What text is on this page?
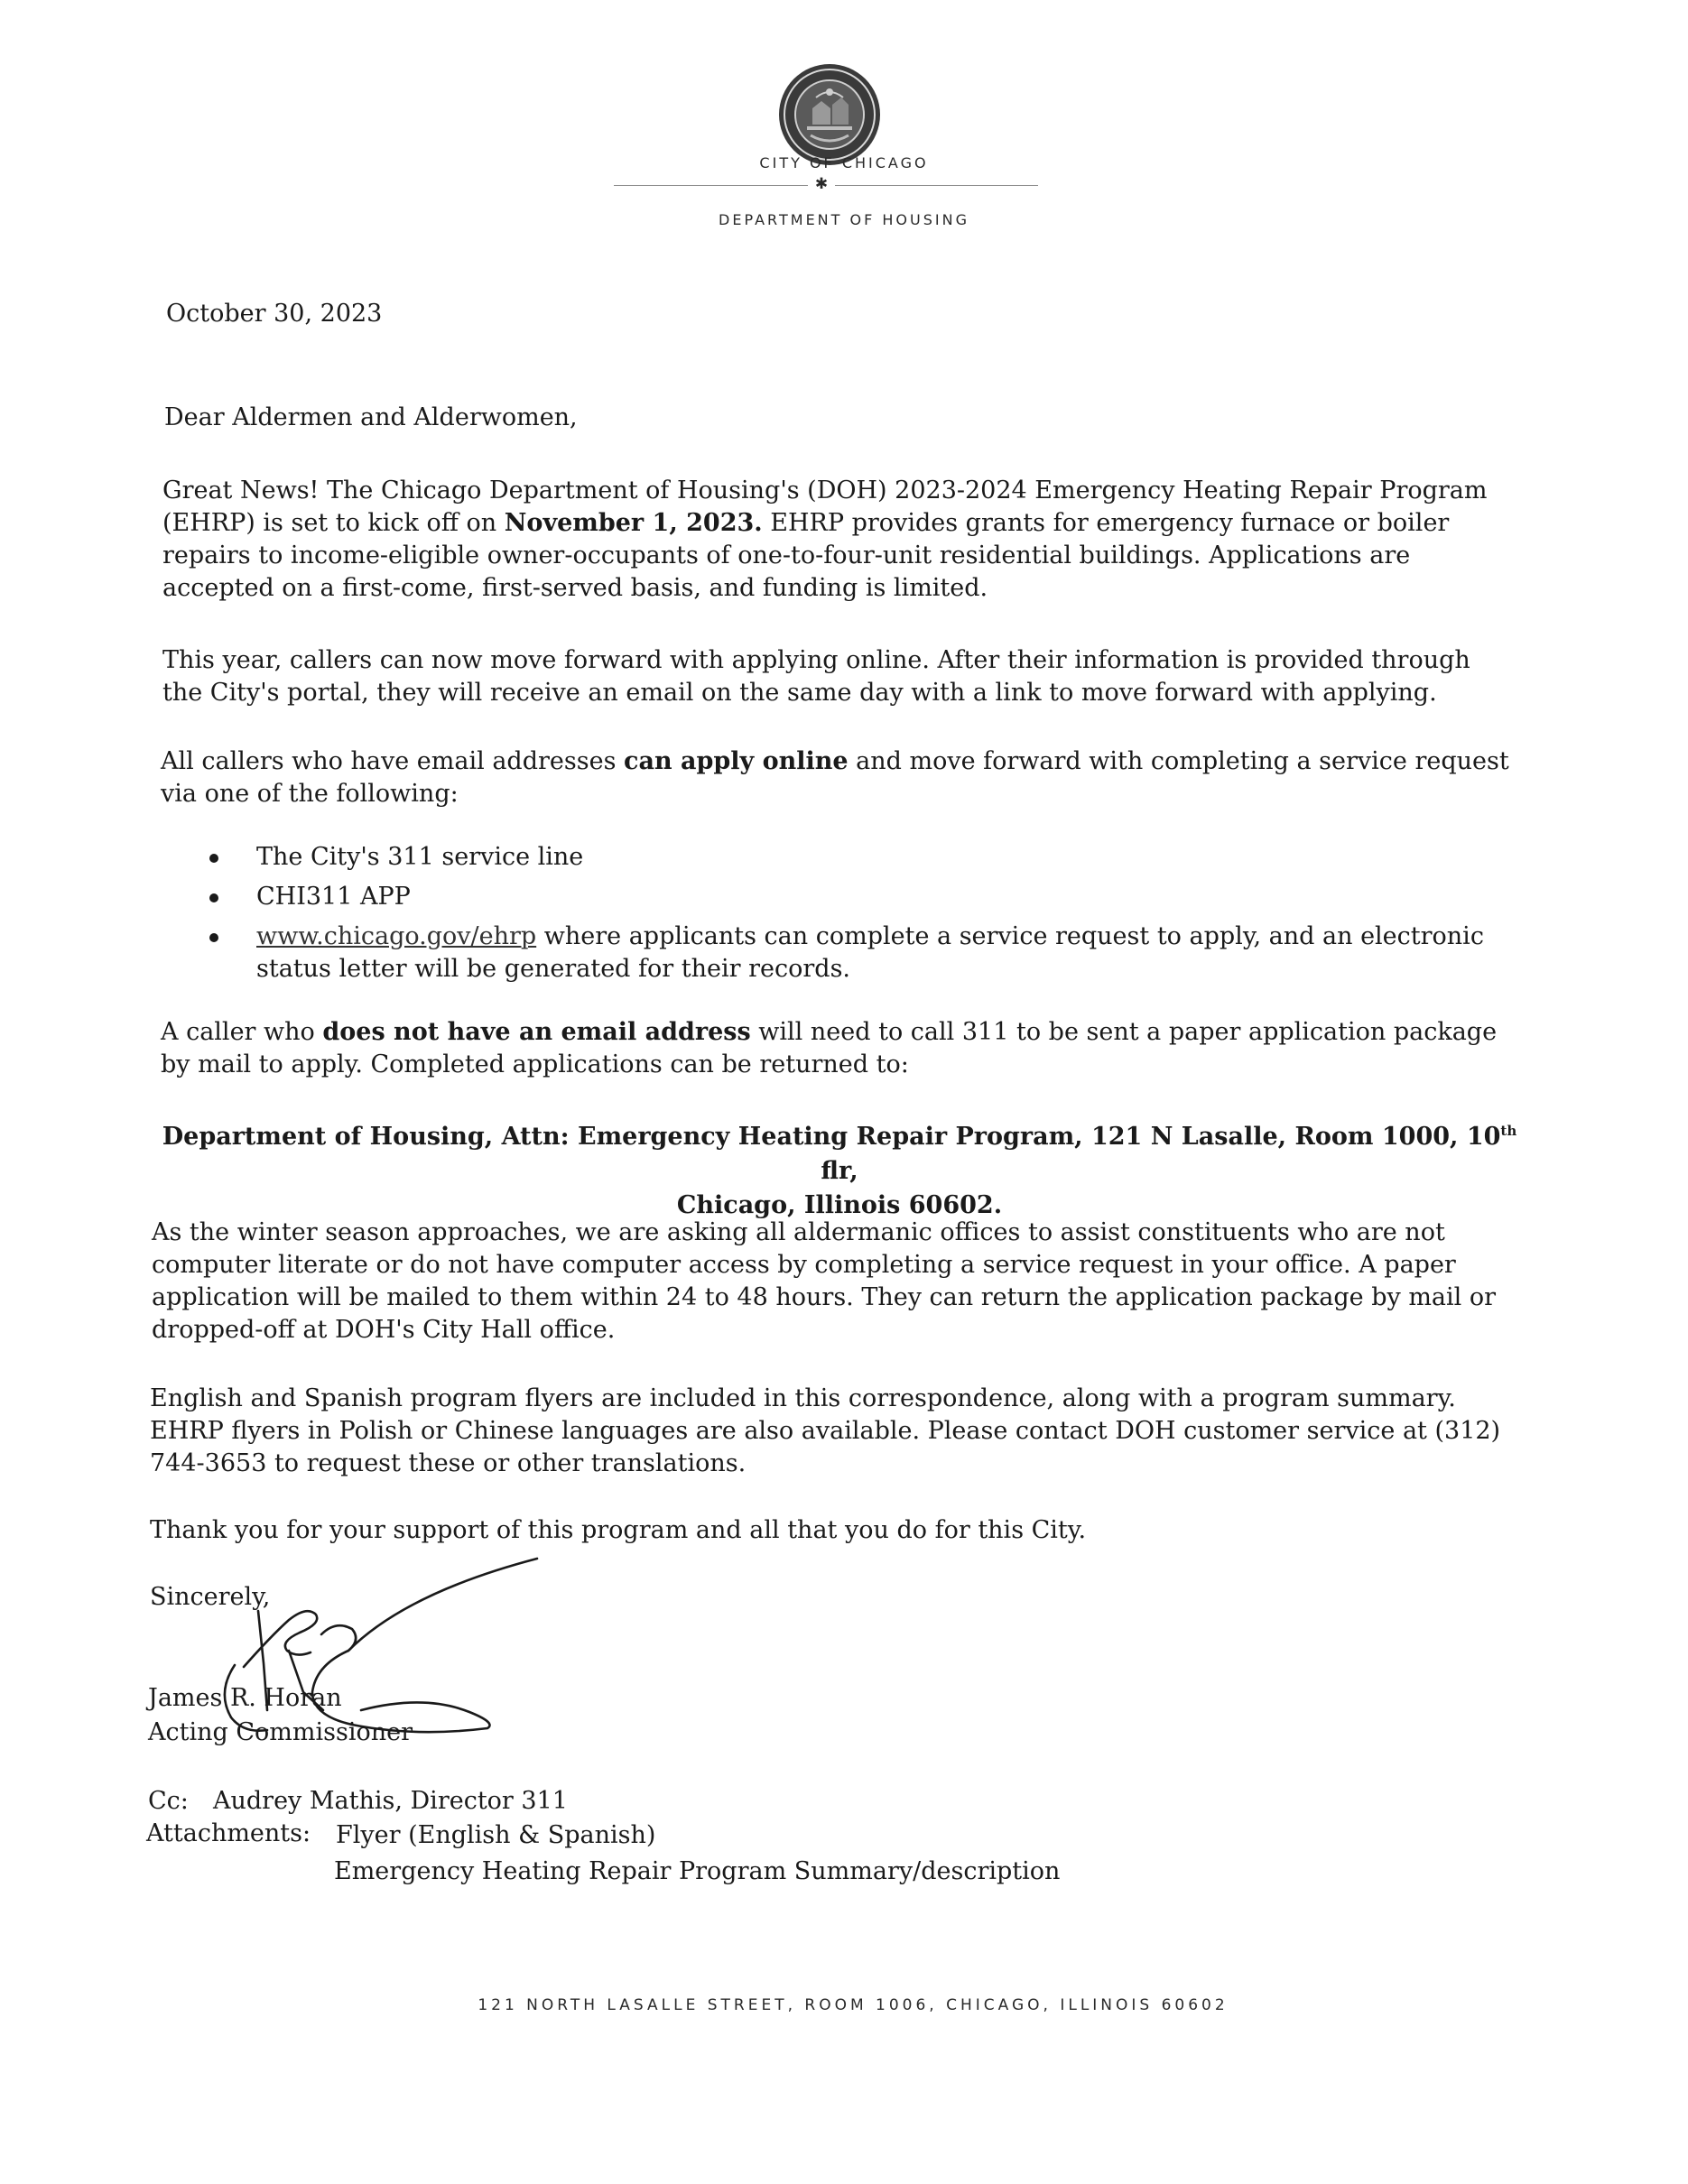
CITY OF CHICAGO
✱
DEPARTMENT OF HOUSING

October 30, 2023

Dear Aldermen and Alderwomen,

Great News! The Chicago Department of Housing's (DOH) 2023-2024 Emergency Heating Repair Program (EHRP) is set to kick off on November 1, 2023. EHRP provides grants for emergency furnace or boiler repairs to income-eligible owner-occupants of one-to-four-unit residential buildings. Applications are accepted on a first-come, first-served basis, and funding is limited.

This year, callers can now move forward with applying online. After their information is provided through the City's portal, they will receive an email on the same day with a link to move forward with applying.

All callers who have email addresses can apply online and move forward with completing a service request via one of the following:

The City's 311 service line
CHI311 APP
www.chicago.gov/ehrp where applicants can complete a service request to apply, and an electronic status letter will be generated for their records.

A caller who does not have an email address will need to call 311 to be sent a paper application package by mail to apply. Completed applications can be returned to:

Department of Housing, Attn: Emergency Heating Repair Program, 121 N Lasalle, Room 1000, 10th flr,
Chicago, Illinois 60602.

As the winter season approaches, we are asking all aldermanic offices to assist constituents who are not computer literate or do not have computer access by completing a service request in your office. A paper application will be mailed to them within 24 to 48 hours. They can return the application package by mail or dropped-off at DOH's City Hall office.

English and Spanish program flyers are included in this correspondence, along with a program summary. EHRP flyers in Polish or Chinese languages are also available. Please contact DOH customer service at (312) 744-3653 to request these or other translations.

Thank you for your support of this program and all that you do for this City.

Sincerely,

James R. Horan

Acting Commissioner

Cc: Audrey Mathis, Director 311

Attachments: Flyer (English & Spanish)

Emergency Heating Repair Program Summary/description

121 NORTH LASALLE STREET, ROOM 1006, CHICAGO, ILLINOIS 60602
